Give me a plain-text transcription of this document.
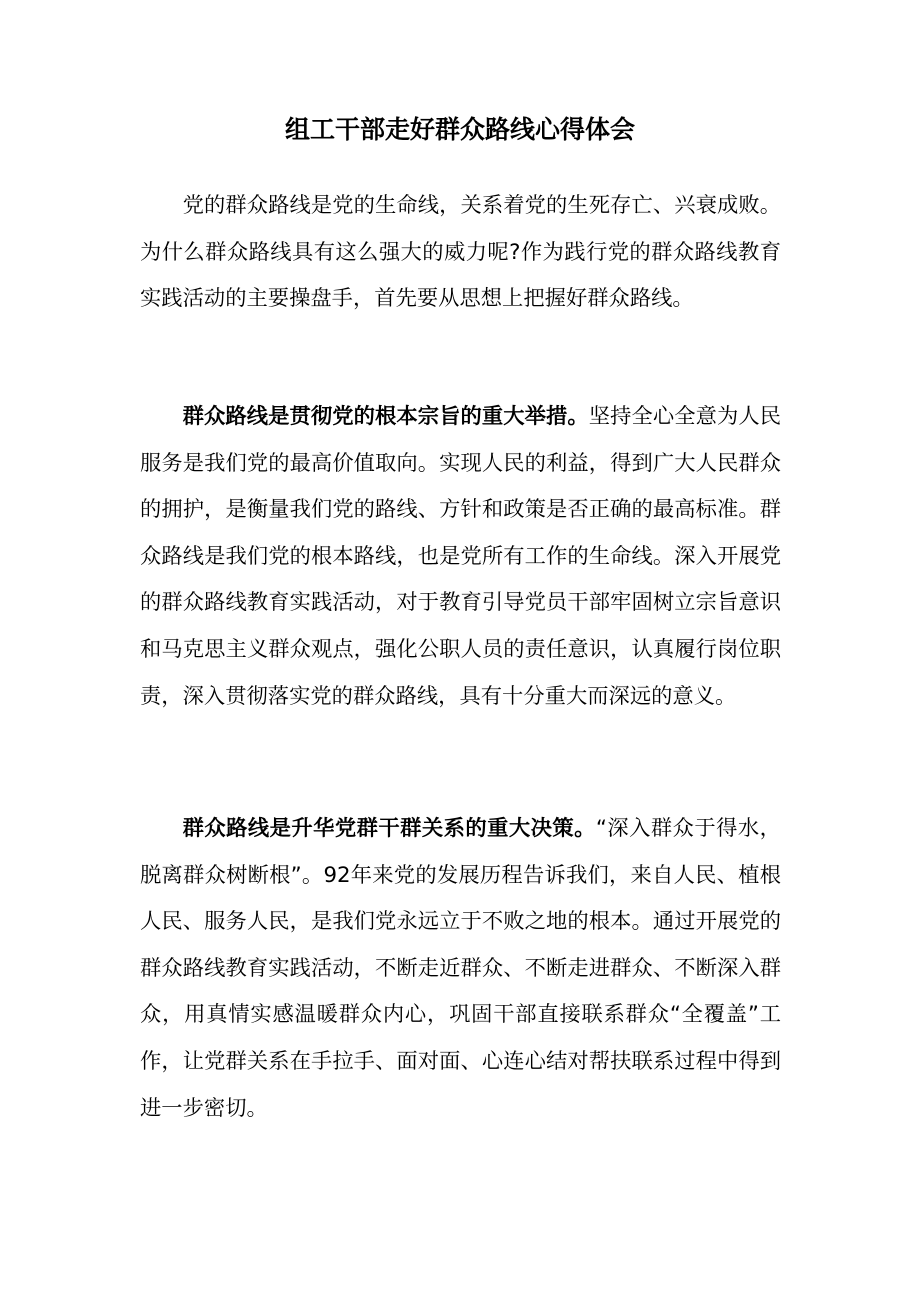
组工干部走好群众路线心得体会

党的群众路线是党的生命线，关系着党的生死存亡、兴衰成败。为什么群众路线具有这么强大的威力呢?作为践行党的群众路线教育实践活动的主要操盘手，首先要从思想上把握好群众路线。

群众路线是贯彻党的根本宗旨的重大举措。坚持全心全意为人民服务是我们党的最高价值取向。实现人民的利益，得到广大人民群众的拥护，是衡量我们党的路线、方针和政策是否正确的最高标准。群众路线是我们党的根本路线，也是党所有工作的生命线。深入开展党的群众路线教育实践活动，对于教育引导党员干部牢固树立宗旨意识和马克思主义群众观点，强化公职人员的责任意识，认真履行岗位职责，深入贯彻落实党的群众路线，具有十分重大而深远的意义。

群众路线是升华党群干群关系的重大决策。“深入群众于得水，脱离群众树断根”。92年来党的发展历程告诉我们，来自人民、植根人民、服务人民，是我们党永远立于不败之地的根本。通过开展党的群众路线教育实践活动，不断走近群众、不断走进群众、不断深入群众，用真情实感温暖群众内心，巩固干部直接联系群众“全覆盖”工作，让党群关系在手拉手、面对面、心连心结对帮扶联系过程中得到进一步密切。
